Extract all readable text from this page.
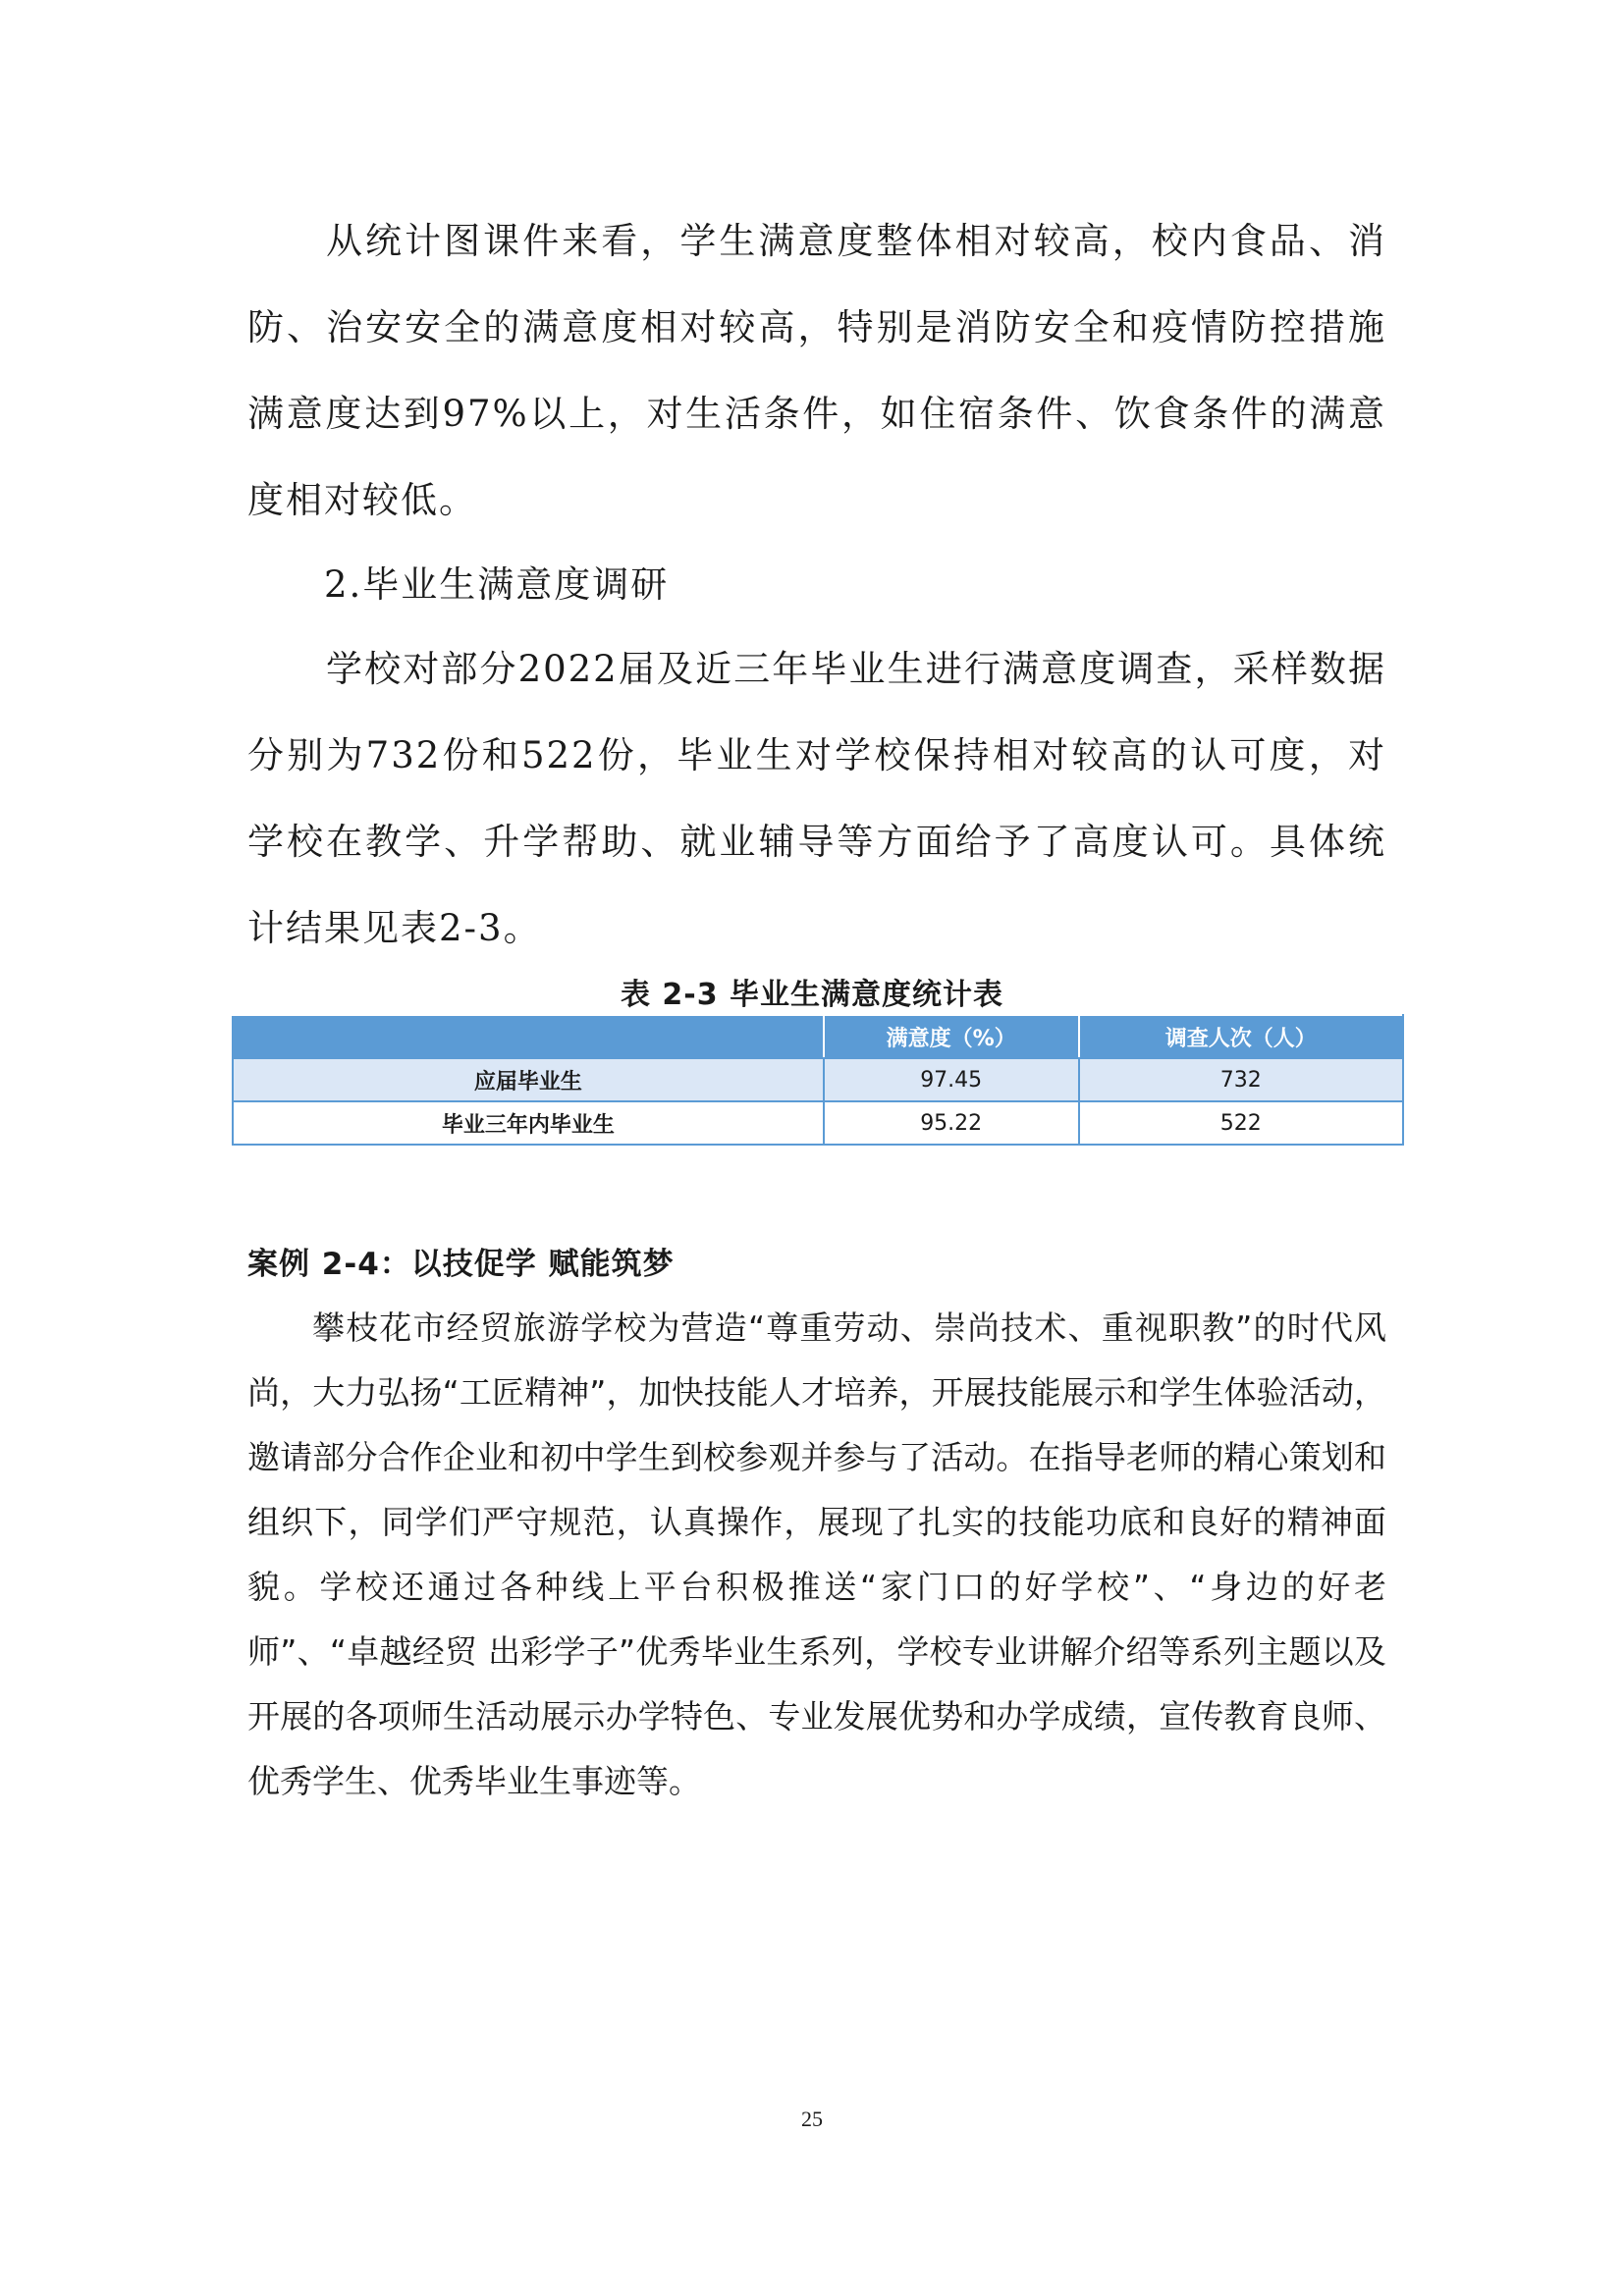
从统计图课件来看，学生满意度整体相对较高，校内食品、消防、治安安全的满意度相对较高，特别是消防安全和疫情防控措施满意度达到97%以上，对生活条件，如住宿条件、饮食条件的满意度相对较低。

2.毕业生满意度调研

学校对部分2022届及近三年毕业生进行满意度调查，采样数据分别为732份和522份，毕业生对学校保持相对较高的认可度，对学校在教学、升学帮助、就业辅导等方面给予了高度认可。具体统计结果见表2-3。

表 2-3 毕业生满意度统计表
	满意度（%）	调查人次（人）
应届毕业生	97.45	732
毕业三年内毕业生	95.22	522

案例 2-4：以技促学 赋能筑梦

攀枝花市经贸旅游学校为营造“尊重劳动、崇尚技术、重视职教”的时代风尚，大力弘扬“工匠精神”，加快技能人才培养，开展技能展示和学生体验活动，邀请部分合作企业和初中学生到校参观并参与了活动。在指导老师的精心策划和组织下，同学们严守规范，认真操作，展现了扎实的技能功底和良好的精神面貌。学校还通过各种线上平台积极推送“家门口的好学校”、“身边的好老师”、“卓越经贸 出彩学子”优秀毕业生系列，学校专业讲解介绍等系列主题以及开展的各项师生活动展示办学特色、专业发展优势和办学成绩，宣传教育良师、优秀学生、优秀毕业生事迹等。

25
